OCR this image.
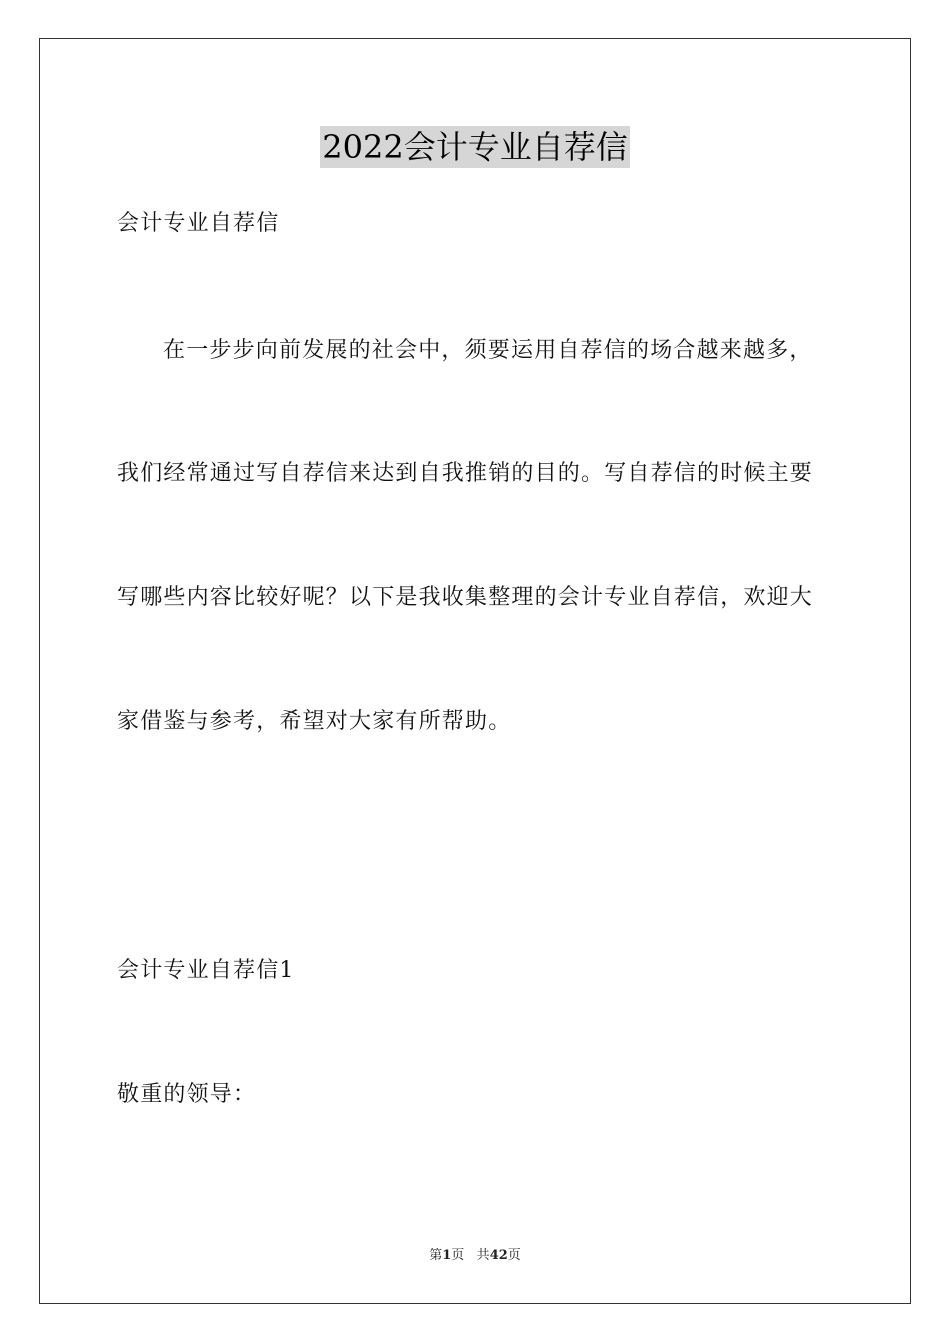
2022会计专业自荐信
会计专业自荐信
在一步步向前发展的社会中，须要运用自荐信的场合越来越多，
我们经常通过写自荐信来达到自我推销的目的。写自荐信的时候主要
写哪些内容比较好呢？以下是我收集整理的会计专业自荐信，欢迎大
家借鉴与参考，希望对大家有所帮助。
会计专业自荐信1
敬重的领导：
第1页 共42页
